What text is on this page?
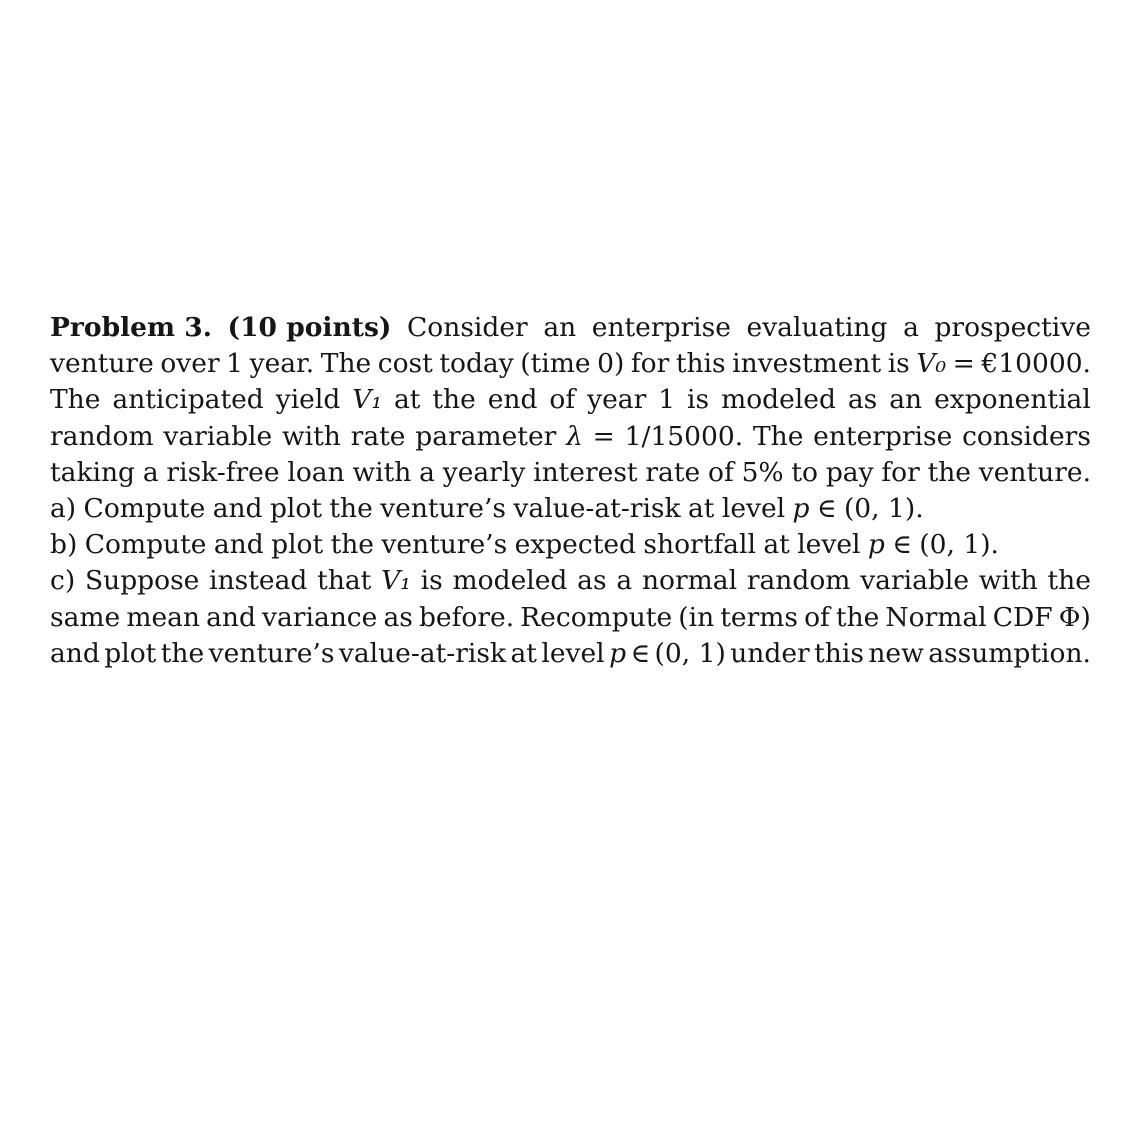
Problem 3. (10 points) Consider an enterprise evaluating a prospective
venture over 1 year. The cost today (time 0) for this investment is V₀ = €10000.
The anticipated yield V₁ at the end of year 1 is modeled as an exponential
random variable with rate parameter λ = 1/15000. The enterprise considers
taking a risk-free loan with a yearly interest rate of 5% to pay for the venture.
a) Compute and plot the venture’s value-at-risk at level p ∈ (0, 1).
b) Compute and plot the venture’s expected shortfall at level p ∈ (0, 1).
c) Suppose instead that V₁ is modeled as a normal random variable with the
same mean and variance as before. Recompute (in terms of the Normal CDF Φ)
and plot the venture’s value-at-risk at level p ∈ (0, 1) under this new assumption.
